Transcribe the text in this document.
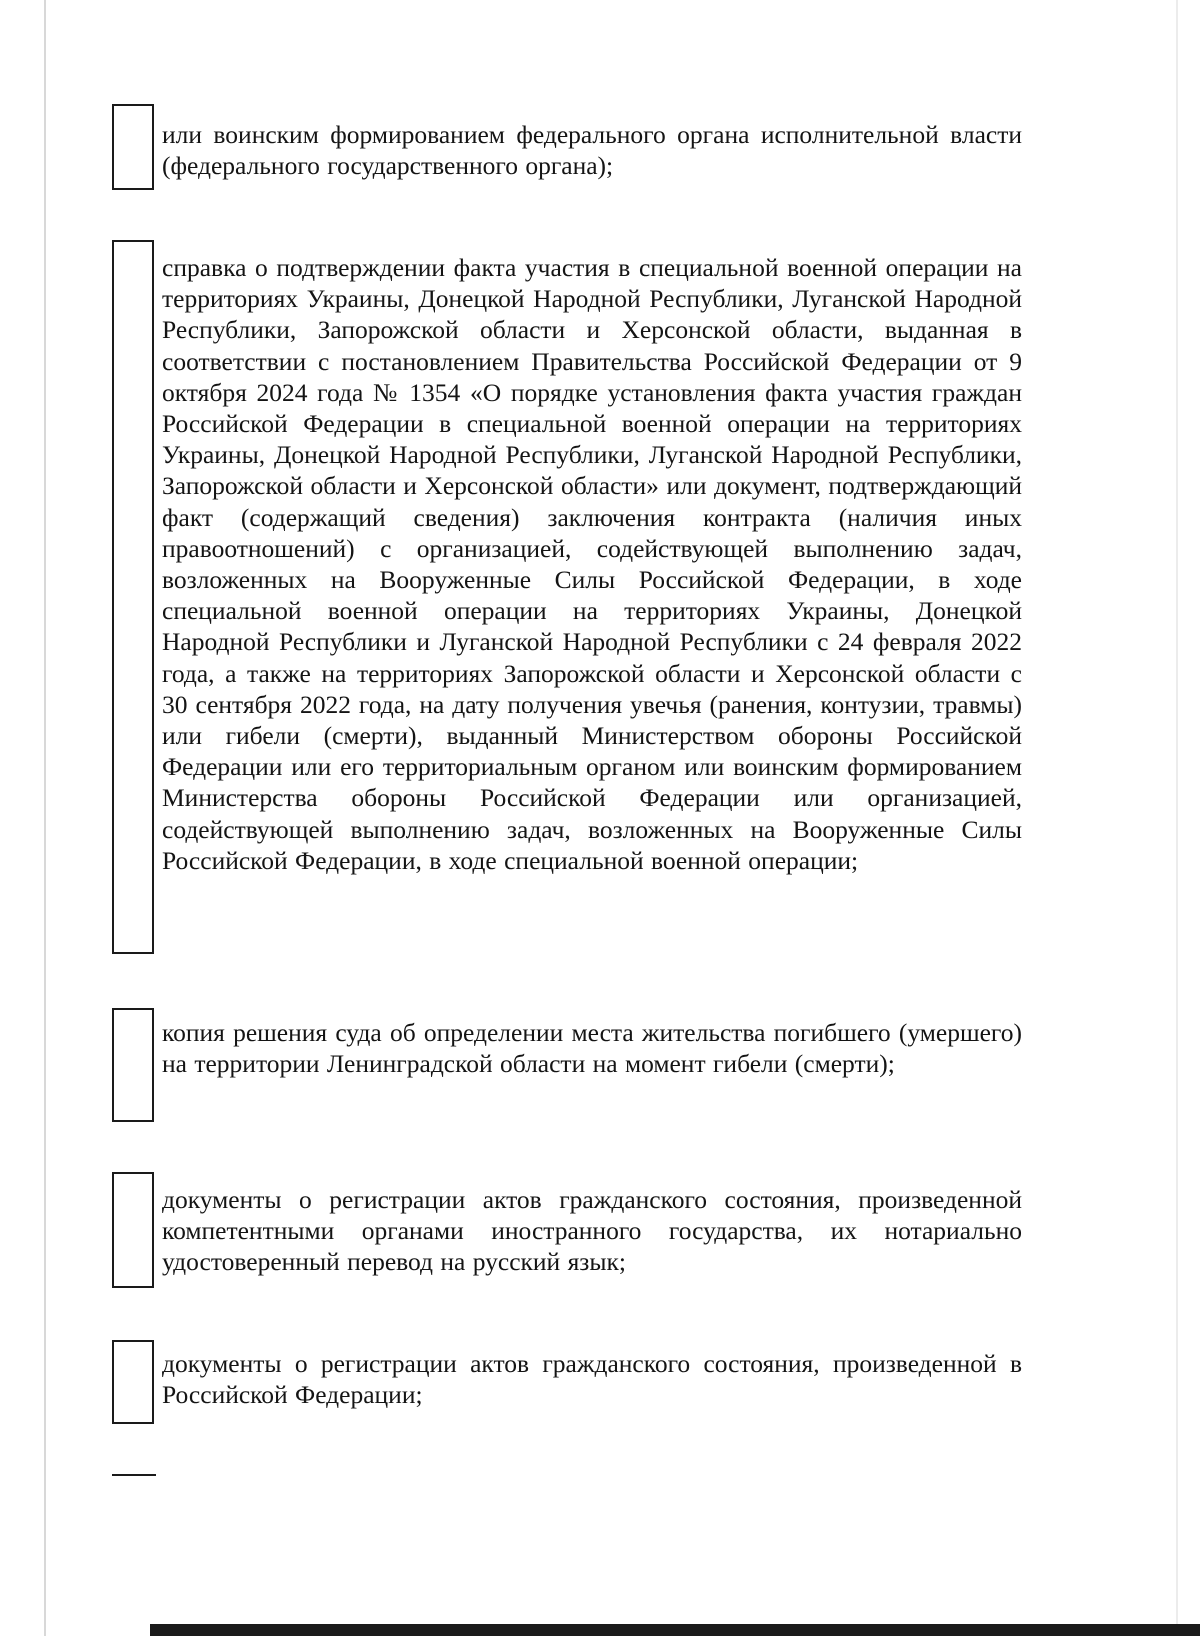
или воинским формированием федерального органа исполнительной власти (федерального государственного органа);

справка о подтверждении факта участия в специальной военной операции на территориях Украины, Донецкой Народной Республики, Луганской Народной Республики, Запорожской области и Херсонской области, выданная в соответствии с постановлением Правительства Российской Федерации от 9 октября 2024 года № 1354 «О порядке установления факта участия граждан Российской Федерации в специальной военной операции на территориях Украины, Донецкой Народной Республики, Луганской Народной Республики, Запорожской области и Херсонской области» или документ, подтверждающий факт (содержащий сведения) заключения контракта (наличия иных правоотношений) с организацией, содействующей выполнению задач, возложенных на Вооруженные Силы Российской Федерации, в ходе специальной военной операции на территориях Украины, Донецкой Народной Республики и Луганской Народной Республики с 24 февраля 2022 года, а также на территориях Запорожской области и Херсонской области с 30 сентября 2022 года, на дату получения увечья (ранения, контузии, травмы) или гибели (смерти), выданный Министерством обороны Российской Федерации или его территориальным органом или воинским формированием Министерства обороны Российской Федерации или организацией, содействующей выполнению задач, возложенных на Вооруженные Силы Российской Федерации, в ходе специальной военной операции;

копия решения суда об определении места жительства погибшего (умершего) на территории Ленинградской области на момент гибели (смерти);

документы о регистрации актов гражданского состояния, произведенной компетентными органами иностранного государства, их нотариально удостоверенный перевод на русский язык;

документы о регистрации актов гражданского состояния, произведенной в Российской Федерации;
